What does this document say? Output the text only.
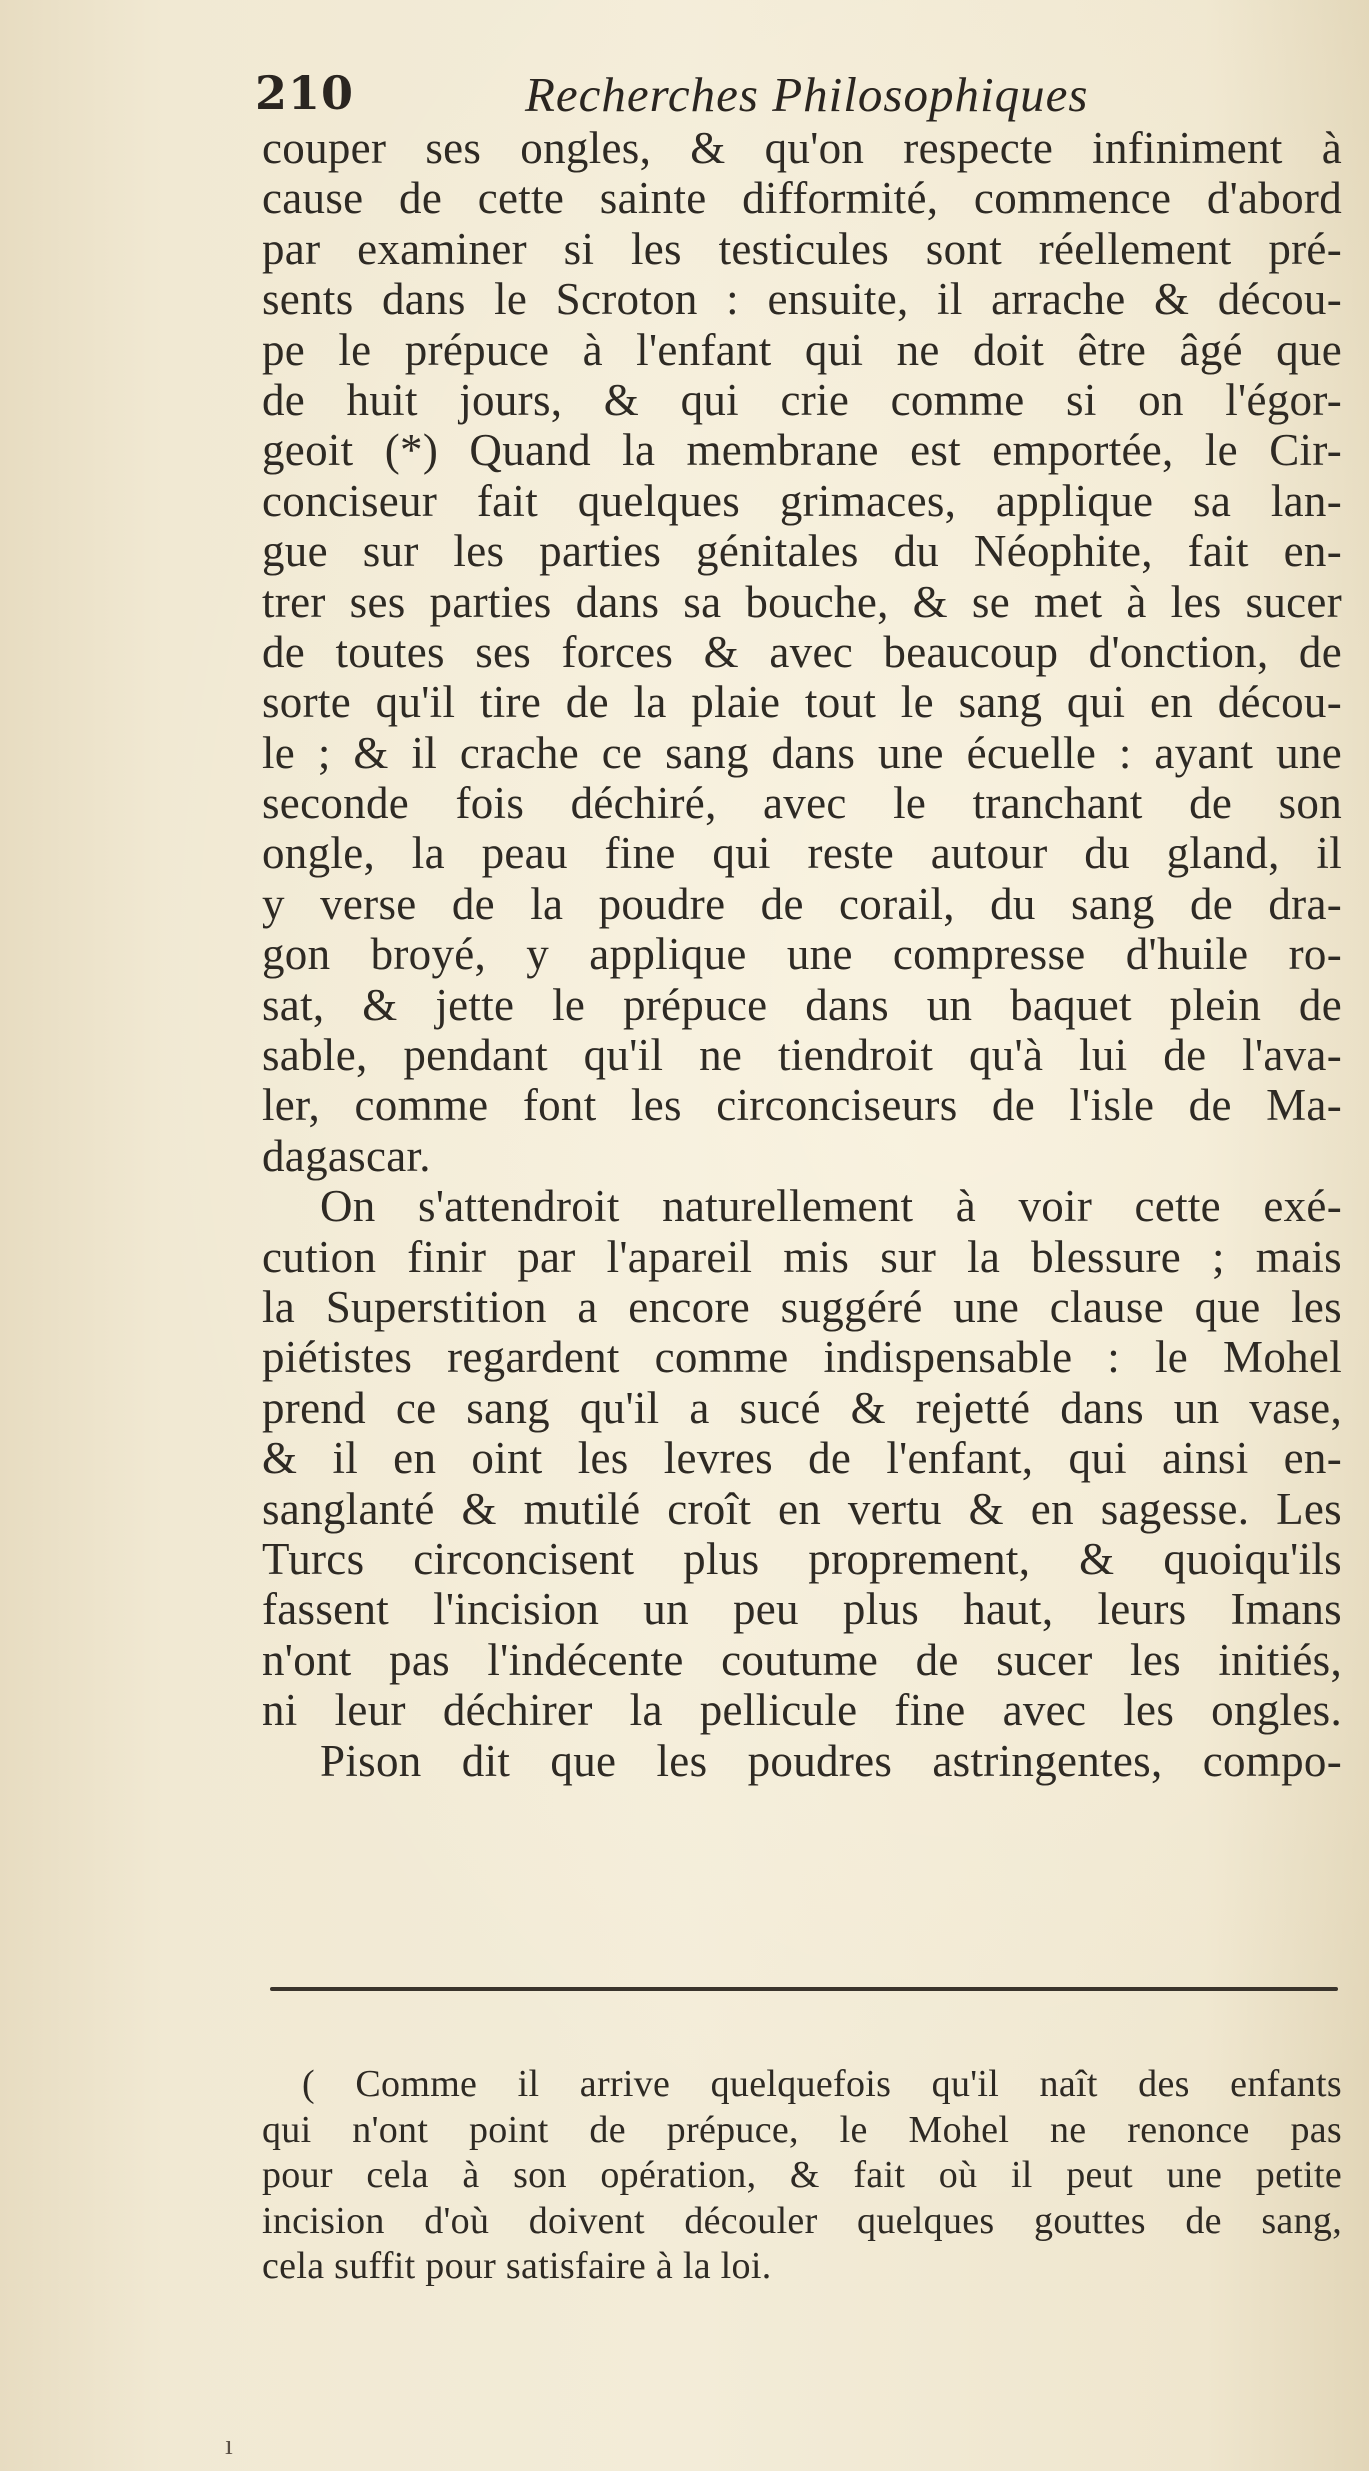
210	Recherches Philosophiques
couper ses ongles, & qu'on respecte infiniment à
cause de cette sainte difformité, commence d'abord
par examiner si les testicules sont réellement pré-
sents dans le Scroton : ensuite, il arrache & décou-
pe le prépuce à l'enfant qui ne doit être âgé que
de huit jours, & qui crie comme si on l'égor-
geoit (*) Quand la membrane est emportée, le Cir-
conciseur fait quelques grimaces, applique sa lan-
gue sur les parties génitales du Néophite, fait en-
trer ses parties dans sa bouche, & se met à les sucer
de toutes ses forces & avec beaucoup d'onction, de
sorte qu'il tire de la plaie tout le sang qui en décou-
le ; & il crache ce sang dans une écuelle : ayant une
seconde fois déchiré, avec le tranchant de son
ongle, la peau fine qui reste autour du gland, il
y verse de la poudre de corail, du sang de dra-
gon broyé, y applique une compresse d'huile ro-
sat, & jette le prépuce dans un baquet plein de
sable, pendant qu'il ne tiendroit qu'à lui de l'ava-
ler, comme font les circonciseurs de l'isle de Ma-
dagascar.
On s'attendroit naturellement à voir cette exé-
cution finir par l'apareil mis sur la blessure ; mais
la Superstition a encore suggéré une clause que les
piétistes regardent comme indispensable : le Mohel
prend ce sang qu'il a sucé & rejetté dans un vase,
& il en oint les levres de l'enfant, qui ainsi en-
sanglanté & mutilé croît en vertu & en sagesse. Les
Turcs circoncisent plus proprement, & quoiqu'ils
fassent l'incision un peu plus haut, leurs Imans
n'ont pas l'indécente coutume de sucer les initiés,
ni leur déchirer la pellicule fine avec les ongles.
Pison dit que les poudres astringentes, compo-
( Comme il arrive quelquefois qu'il naît des enfants
qui n'ont point de prépuce, le Mohel ne renonce pas
pour cela à son opération, & fait où il peut une petite
incision d'où doivent découler quelques gouttes de sang,
cela suffit pour satisfaire à la loi.
ı
